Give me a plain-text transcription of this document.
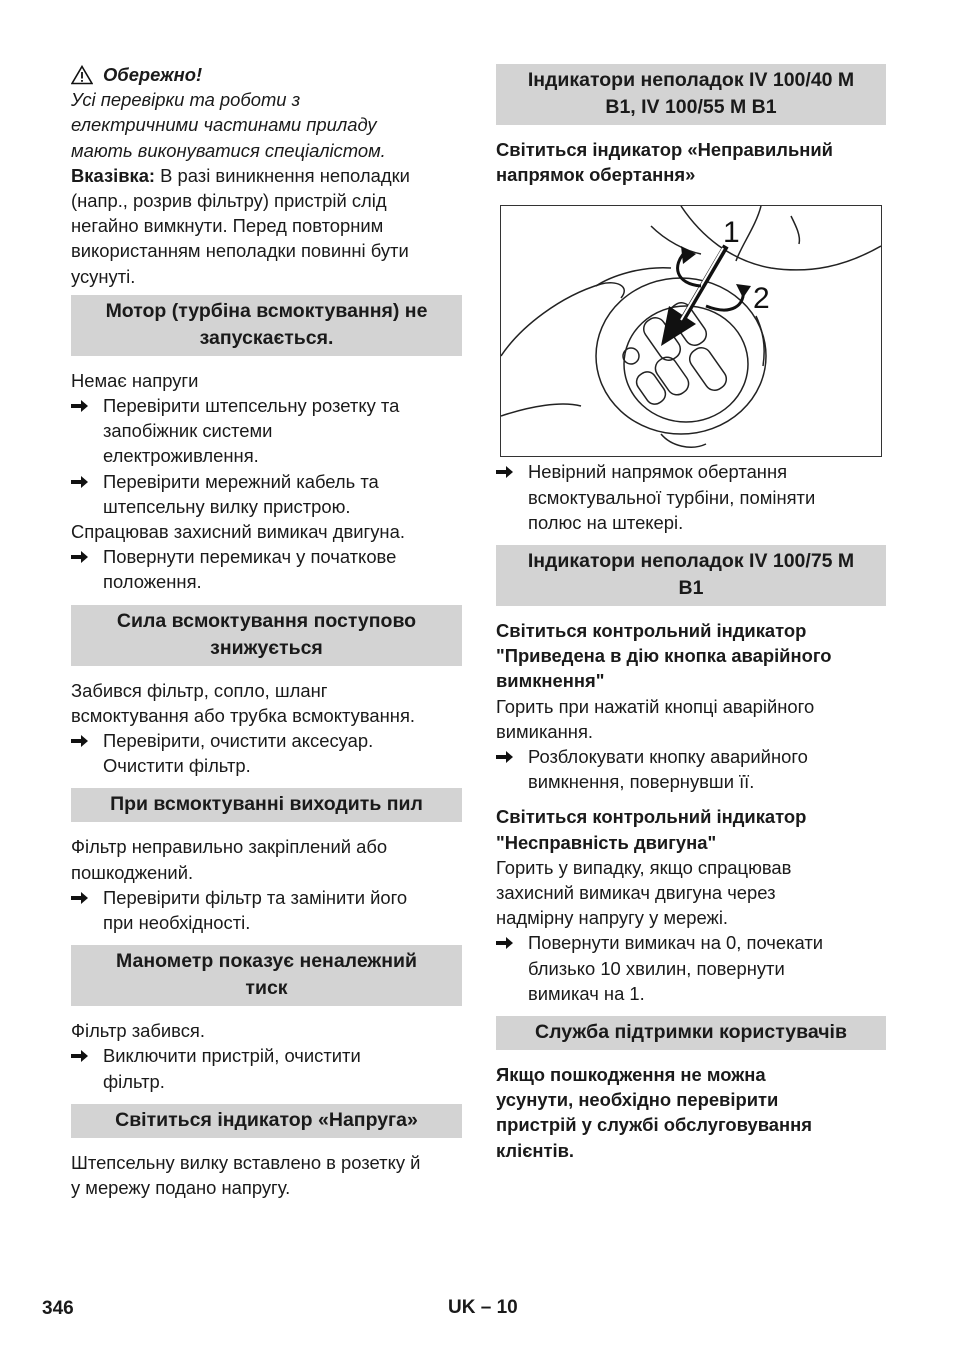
Обережно!

Усі перевірки та роботи з
електричними частинами приладу
мають виконуватися спеціалістом.

Вказівка: В разі виникнення неполадки
(напр., розрив фільтру) пристрій слід
негайно вимкнути. Перед повторним
використанням неполадки повинні бути
усунуті.

Мотор (турбіна всмоктування) не
запускається.

Немає напруги

Перевірити штепсельну розетку та
запобіжник системи
електроживлення.
Перевірити мережний кабель та
штепсельну вилку пристрою.

Спрацював захисний вимикач двигуна.

Повернути перемикач у початкове
положення.
Сила всмоктування поступово
знижується

Забився фільтр, сопло, шланг
всмоктування або трубка всмоктування.

Перевірити, очистити аксесуар.
Очистити фільтр.
При всмоктуванні виходить пил

Фільтр неправильно закріплений або
пошкоджений.

Перевірити фільтр та замінити його
при необхідності.
Манометр показує неналежний
тиск

Фільтр забився.

Виключити пристрій, очистити
фільтр.
Світиться індикатор «Напруга»

Штепсельну вилку вставлено в розетку й
у мережу подано напругу.

Індикатори неполадок IV 100/40 M
B1, IV 100/55 M B1

Світиться індикатор «Неправильний
напрямок обертання»

1
2
Невірний напрямок обертання
всмоктувальної турбіни, поміняти
полюс на штекері.
Індикатори неполадок IV 100/75 M
B1

Світиться контрольний індикатор
"Приведена в дію кнопка аварійного
вимкнення"

Горить при нажатій кнопці аварійного
вимикання.

Розблокувати кнопку аварийного
вимкнення, повернувши її.

Світиться контрольний індикатор
"Несправність двигуна"

Горить у випадку, якщо спрацював
захисний вимикач двигуна через
надмірну напругу у мережі.

Повернути вимикач на 0, почекати
близько 10 хвилин, повернути
вимикач на 1.
Служба підтримки користувачів

Якщо пошкодження не можна
усунути, необхідно перевірити
пристрій у службі обслуговування
клієнтів.

346	UK – 10
